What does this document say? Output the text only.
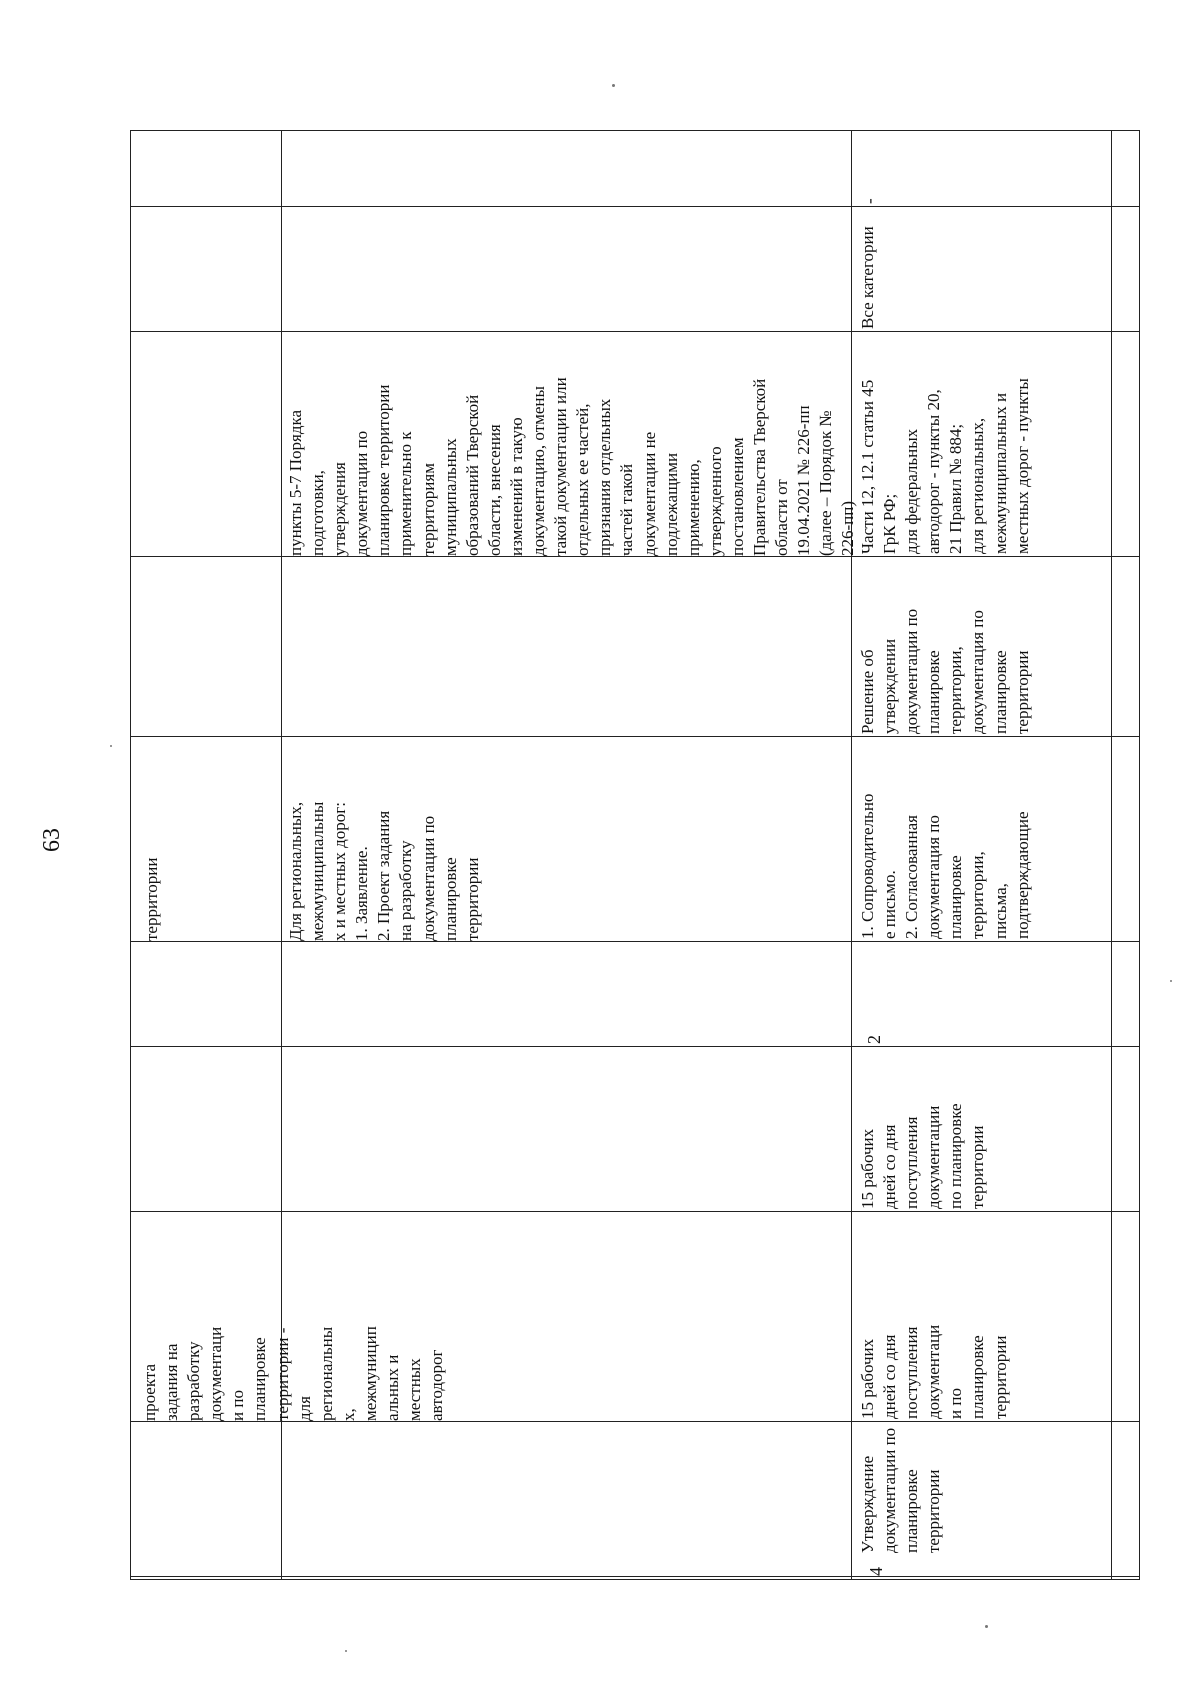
63
проекта задания на разработку документаци и по планировке территории - для региональны х, межмуницип альных и местных автодорог
территории	Для региональных, межмуниципальны х и местных дорог: 1. Заявление. 2. Проект задания на разработку документации по планировке территории
пункты 5-7 Порядка подготовки, утверждения документации по планировке территории применительно к территориям муниципальных образований Тверской области, внесения изменений в такую документацию, отмены такой документации или отдельных ее частей, признания отдельных частей такой документации не подлежащими применению, утвержденного постановлением Правительства Тверской области от 19.04.2021 № 226-пп (далее – Порядок № 226-пп)
4
Утверждение документации по планировке территории
15 рабочих дней со дня поступления документаци и по планировке территории
15 рабочих дней со дня поступления документации по планировке территории
2
1. Сопроводительно е письмо. 2. Согласованная документация по планировке территории, письма, подтверждающие
Решение об утверждении документации по планировке территории, документация по планировке территории
Части 12, 12.1 статьи 45 ГрК РФ; для федеральных автодорог - пункты 20, 21 Правил № 884; для региональных, межмуниципальных и местных дорог - пункты
Все категории
-
